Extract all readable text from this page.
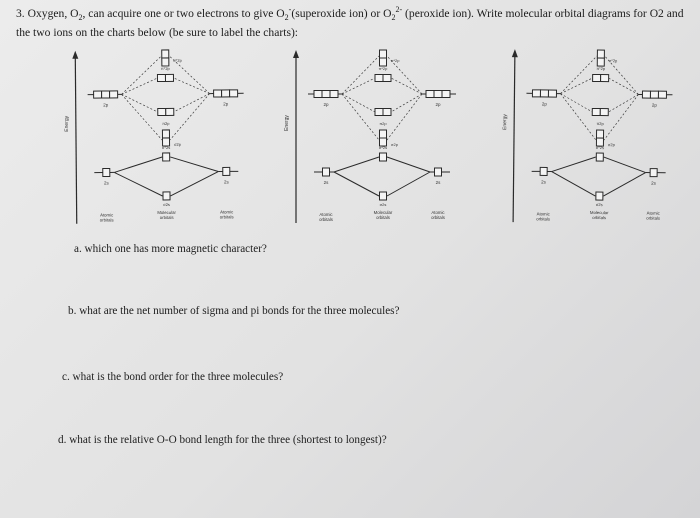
3. Oxygen, $O_2$, can acquire one or two electrons to give $O_2^-(superoxide$ ion) or $O_2^{2-}$ (peroxide ion). Write molecular orbital diagrams for O2 and the two ions on the charts below (be sure to label the charts):
Energy
2p	2p
σ*2p
π*2p
π2p
σ2p
2s	2s
σ*2s
σ2s
Atomic
orbitals
Molecular
orbitals
Atomic
orbitals
Energy
2p	2p
σ*2p
π*2p
π2p
σ2p
2s	2s
σ*2s
σ2s
Atomic
orbitals
Molecular
orbitals
Atomic
orbitals
Energy
2p	2p
σ*2p
π*2p
π2p
σ2p
2s	2s
σ*2s
σ2s
Atomic
orbitals
Molecular
orbitals
Atomic
orbitals
a. which one has more magnetic character?
b. what are the net number of sigma and pi bonds for the three molecules?
c. what is the bond order for the three molecules?
d. what is the relative O-O bond length for the three (shortest to longest)?
